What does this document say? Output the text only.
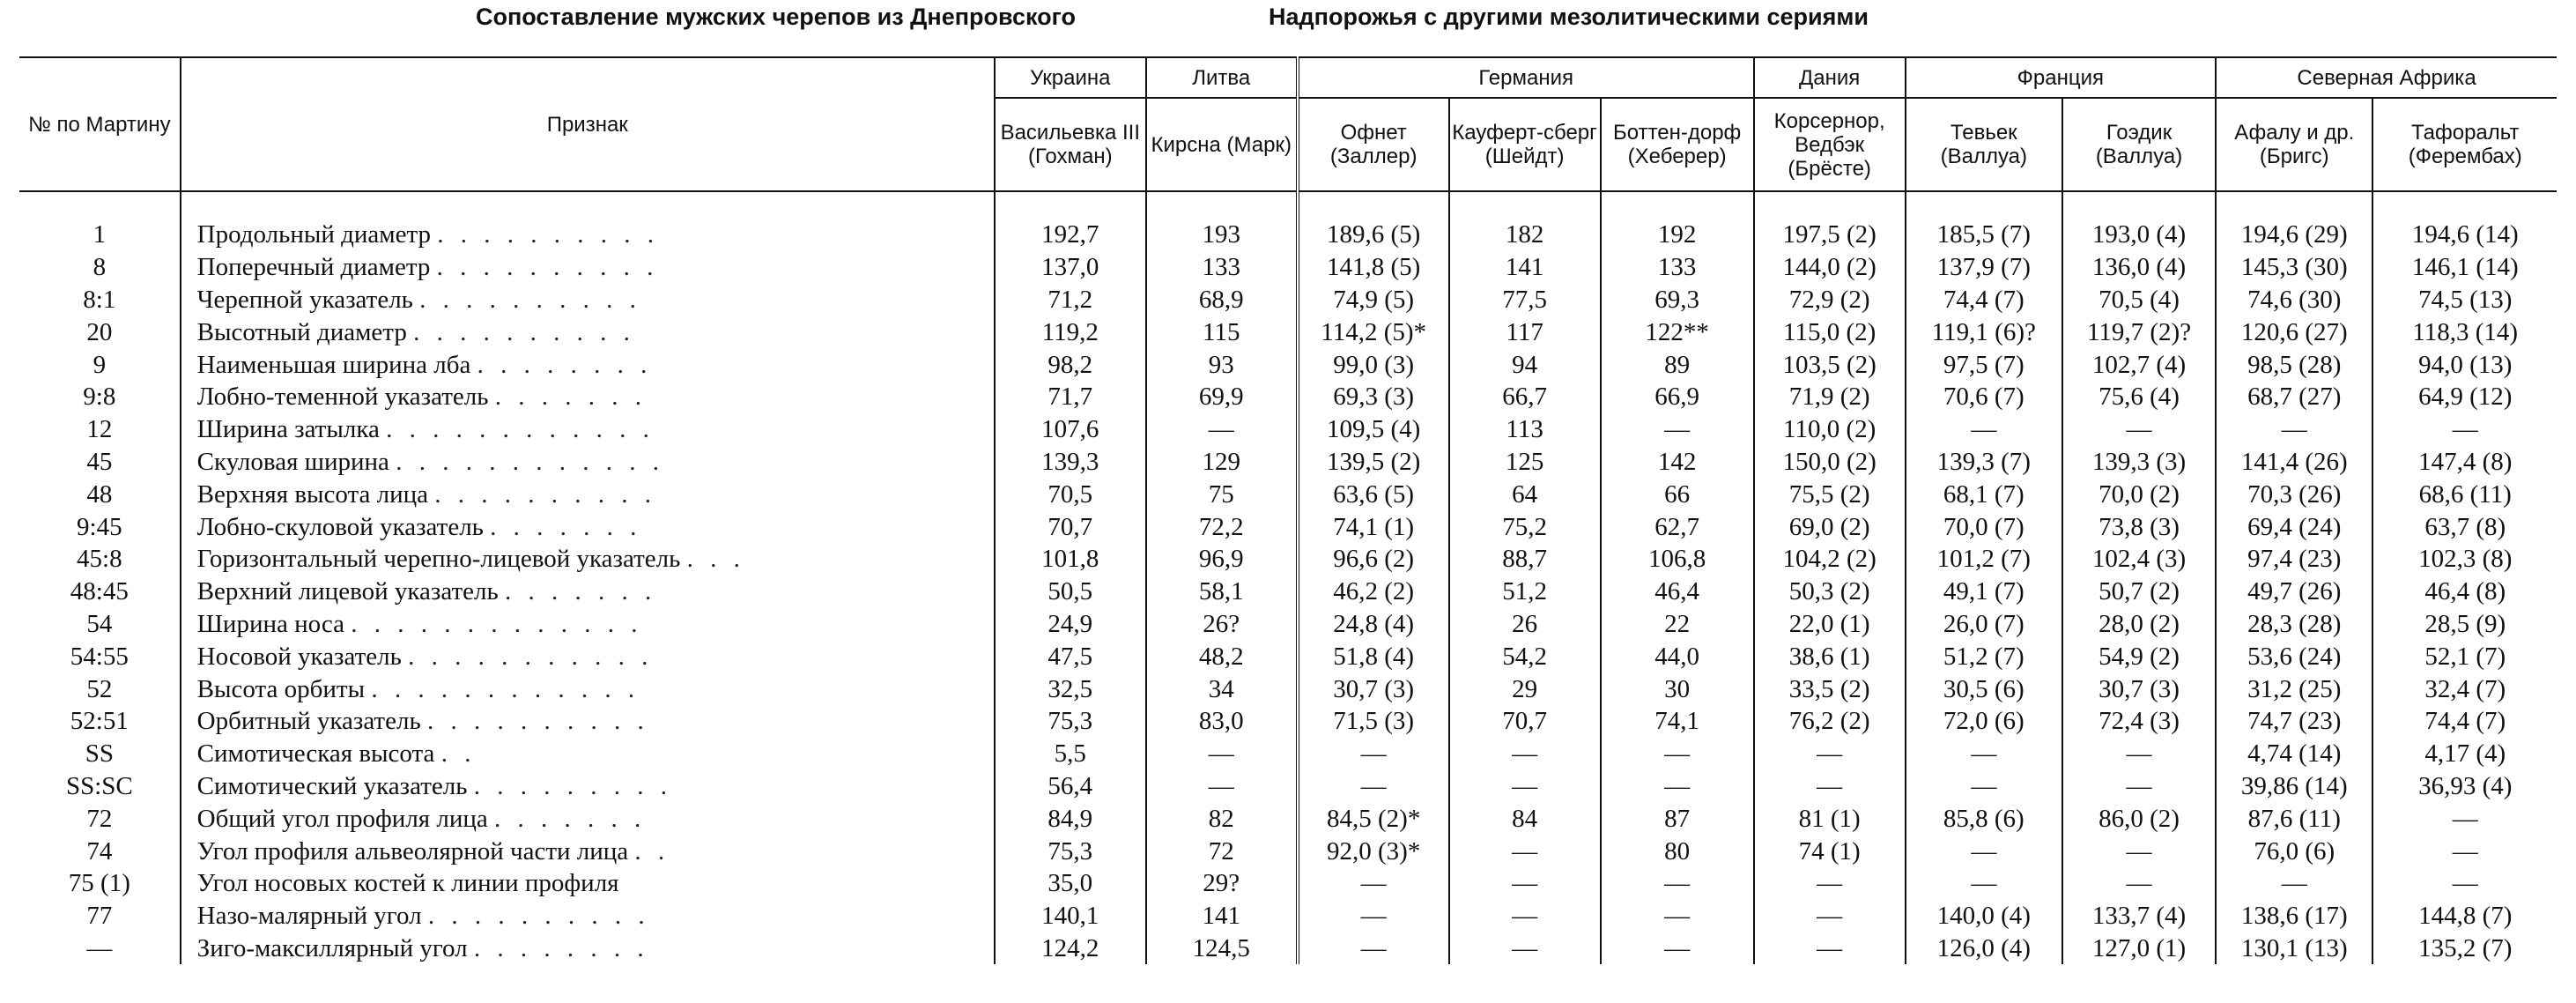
Сопоставление мужских черепов из Днепровского	Надпорожья с другими мезолитическими сериями
№ по Мартину	Признак	Украина	Литва	Германия			Дания	Франция		Северная Африка	
		Васильевка III (Гохман)	Кирсна (Марк)	Офнет (Заллер)	Кауферт-сберг (Шейдт)	Боттен-дорф (Хеберер)	Корсернор, Ведбэк (Брёсте)	Тевьек (Валлуа)	Гоэдик (Валлуа)	Афалу и др. (Бригс)	Тафоральт (Ферембах)
1	Продольный диаметр . . . . . . . . . .	192,7	193	189,6 (5)	182	192	197,5 (2)	185,5 (7)	193,0 (4)	194,6 (29)	194,6 (14)
8	Поперечный диаметр . . . . . . . . . .	137,0	133	141,8 (5)	141	133	144,0 (2)	137,9 (7)	136,0 (4)	145,3 (30)	146,1 (14)
8:1	Черепной указатель . . . . . . . . . .	71,2	68,9	74,9 (5)	77,5	69,3	72,9 (2)	74,4 (7)	70,5 (4)	74,6 (30)	74,5 (13)
20	Высотный диаметр . . . . . . . . . .	119,2	115	114,2 (5)*	117	122**	115,0 (2)	119,1 (6)?	119,7 (2)?	120,6 (27)	118,3 (14)
9	Наименьшая ширина лба . . . . . . . .	98,2	93	99,0 (3)	94	89	103,5 (2)	97,5 (7)	102,7 (4)	98,5 (28)	94,0 (13)
9:8	Лобно-теменной указатель . . . . . . .	71,7	69,9	69,3 (3)	66,7	66,9	71,9 (2)	70,6 (7)	75,6 (4)	68,7 (27)	64,9 (12)
12	Ширина затылка . . . . . . . . . . . .	107,6	—	109,5 (4)	113	—	110,0 (2)	—	—	—	—
45	Скуловая ширина . . . . . . . . . . . .	139,3	129	139,5 (2)	125	142	150,0 (2)	139,3 (7)	139,3 (3)	141,4 (26)	147,4 (8)
48	Верхняя высота лица . . . . . . . . . .	70,5	75	63,6 (5)	64	66	75,5 (2)	68,1 (7)	70,0 (2)	70,3 (26)	68,6 (11)
9:45	Лобно-скуловой указатель . . . . . . .	70,7	72,2	74,1 (1)	75,2	62,7	69,0 (2)	70,0 (7)	73,8 (3)	69,4 (24)	63,7 (8)
45:8	Горизонтальный черепно-лицевой указатель . . .	101,8	96,9	96,6 (2)	88,7	106,8	104,2 (2)	101,2 (7)	102,4 (3)	97,4 (23)	102,3 (8)
48:45	Верхний лицевой указатель . . . . . . .	50,5	58,1	46,2 (2)	51,2	46,4	50,3 (2)	49,1 (7)	50,7 (2)	49,7 (26)	46,4 (8)
54	Ширина носа . . . . . . . . . . . . .	24,9	26?	24,8 (4)	26	22	22,0 (1)	26,0 (7)	28,0 (2)	28,3 (28)	28,5 (9)
54:55	Носовой указатель . . . . . . . . . . .	47,5	48,2	51,8 (4)	54,2	44,0	38,6 (1)	51,2 (7)	54,9 (2)	53,6 (24)	52,1 (7)
52	Высота орбиты . . . . . . . . . . . .	32,5	34	30,7 (3)	29	30	33,5 (2)	30,5 (6)	30,7 (3)	31,2 (25)	32,4 (7)
52:51	Орбитный указатель . . . . . . . . . .	75,3	83,0	71,5 (3)	70,7	74,1	76,2 (2)	72,0 (6)	72,4 (3)	74,7 (23)	74,4 (7)
SS	Симотическая высота . .	5,5	—	—	—	—	—	—	—	4,74 (14)	4,17 (4)
SS:SC	Симотический указатель . . . . . . . . .	56,4	—	—	—	—	—	—	—	39,86 (14)	36,93 (4)
72	Общий угол профиля лица . . . . . . .	84,9	82	84,5 (2)*	84	87	81 (1)	85,8 (6)	86,0 (2)	87,6 (11)	—
74	Угол профиля альвеолярной части лица . .	75,3	72	92,0 (3)*	—	80	74 (1)	—	—	76,0 (6)	—
75 (1)	Угол носовых костей к линии профиля	35,0	29?	—	—	—	—	—	—	—	—
77	Назо-малярный угол . . . . . . . . . .	140,1	141	—	—	—	—	140,0 (4)	133,7 (4)	138,6 (17)	144,8 (7)
—	Зиго-максиллярный угол . . . . . . . .	124,2	124,5	—	—	—	—	126,0 (4)	127,0 (1)	130,1 (13)	135,2 (7)
